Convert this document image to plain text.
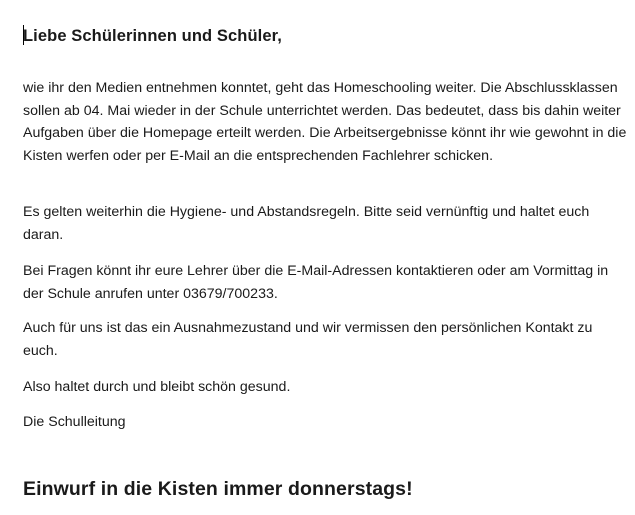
Liebe Schülerinnen und Schüler,

wie ihr den Medien entnehmen konntet, geht das Homeschooling weiter. Die Abschlussklassen sollen ab 04. Mai wieder in der Schule unterrichtet werden. Das bedeutet, dass bis dahin weiter Aufgaben über die Homepage erteilt werden. Die Arbeitsergebnisse könnt ihr wie gewohnt in die Kisten werfen oder per E-Mail an die entsprechenden Fachlehrer schicken.

Es gelten weiterhin die Hygiene- und Abstandsregeln. Bitte seid vernünftig und haltet euch daran.

Bei Fragen könnt ihr eure Lehrer über die E-Mail-Adressen kontaktieren oder am Vormittag in der Schule anrufen unter 03679/700233.

Auch für uns ist das ein Ausnahmezustand und wir vermissen den persönlichen Kontakt zu euch.

Also haltet durch und bleibt schön gesund.

Die Schulleitung

Einwurf in die Kisten immer donnerstags!
